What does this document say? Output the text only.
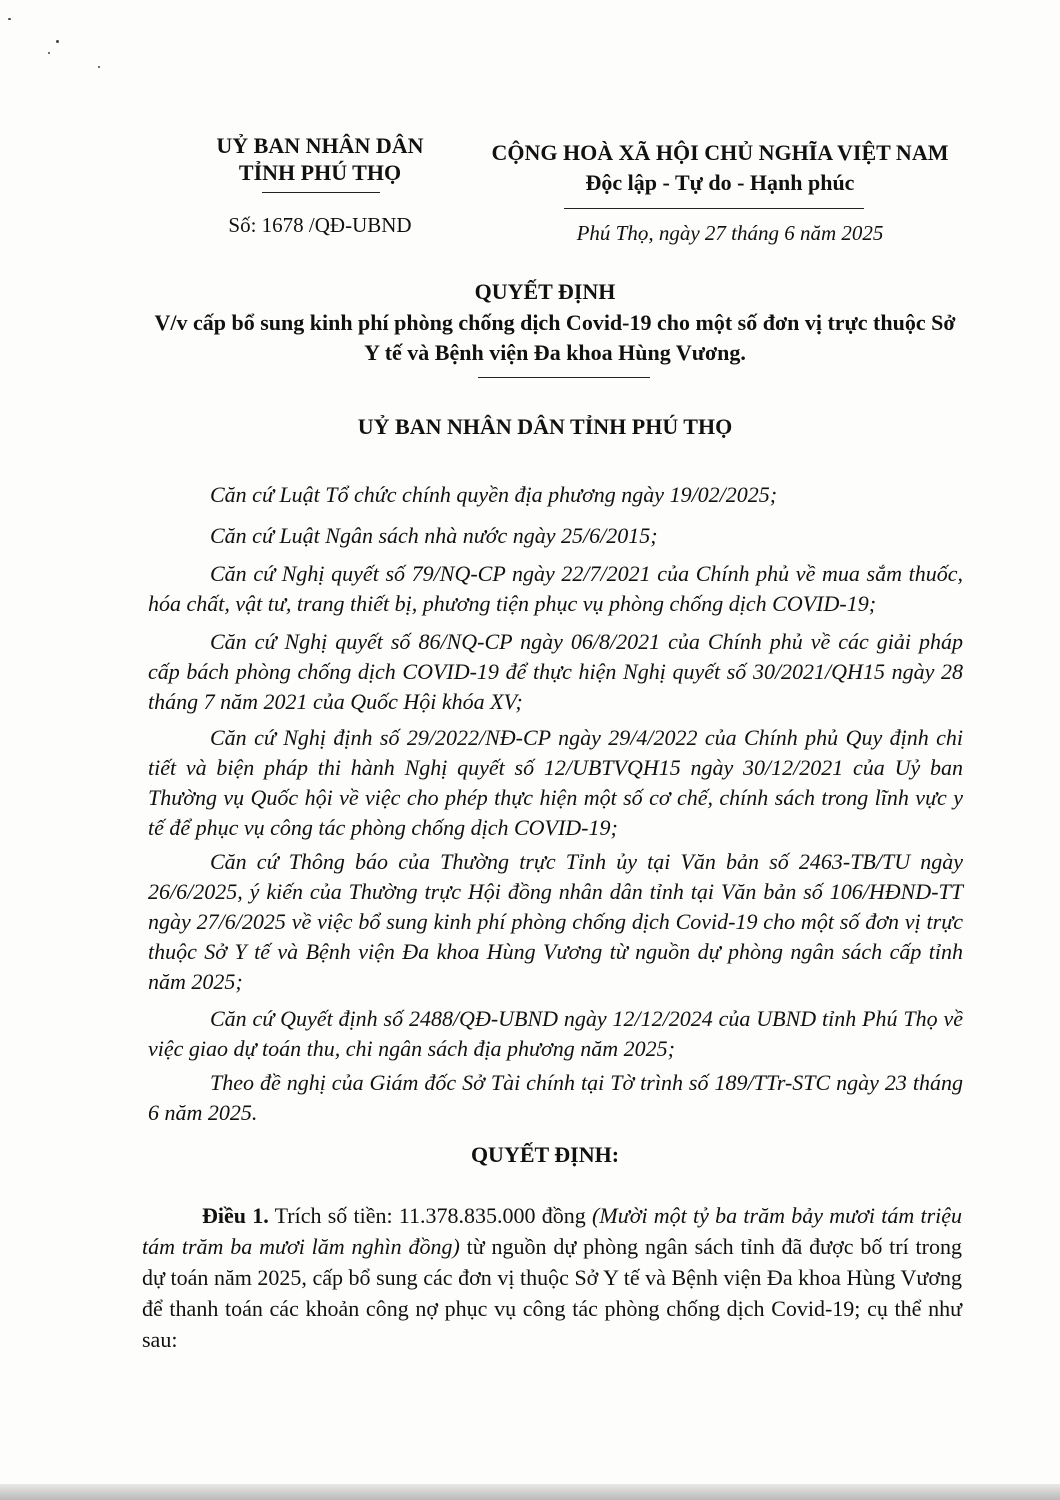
UỶ BAN NHÂN DÂN
TỈNH PHÚ THỌ
CỘNG HOÀ XÃ HỘI CHỦ NGHĨA VIỆT NAM
Độc lập - Tự do - Hạnh phúc
Số: 1678 /QĐ-UBND	Phú Thọ, ngày 27 tháng 6 năm 2025
QUYẾT ĐỊNH
V/v cấp bổ sung kinh phí phòng chống dịch Covid-19 cho một số đơn vị trực thuộc Sở Y tế và Bệnh viện Đa khoa Hùng Vương.
UỶ BAN NHÂN DÂN TỈNH PHÚ THỌ

Căn cứ Luật Tổ chức chính quyền địa phương ngày 19/02/2025;

Căn cứ Luật Ngân sách nhà nước ngày 25/6/2015;

Căn cứ Nghị quyết số 79/NQ-CP ngày 22/7/2021 của Chính phủ về mua sắm thuốc, hóa chất, vật tư, trang thiết bị, phương tiện phục vụ phòng chống dịch COVID-19;

Căn cứ Nghị quyết số 86/NQ-CP ngày 06/8/2021 của Chính phủ về các giải pháp cấp bách phòng chống dịch COVID-19 để thực hiện Nghị quyết số 30/2021/QH15 ngày 28 tháng 7 năm 2021 của Quốc Hội khóa XV;

Căn cứ Nghị định số 29/2022/NĐ-CP ngày 29/4/2022 của Chính phủ Quy định chi tiết và biện pháp thi hành Nghị quyết số 12/UBTVQH15 ngày 30/12/2021 của Uỷ ban Thường vụ Quốc hội về việc cho phép thực hiện một số cơ chế, chính sách trong lĩnh vực y tế để phục vụ công tác phòng chống dịch COVID-19;

Căn cứ Thông báo của Thường trực Tỉnh ủy tại Văn bản số 2463-TB/TU ngày 26/6/2025, ý kiến của Thường trực Hội đồng nhân dân tỉnh tại Văn bản số 106/HĐND-TT ngày 27/6/2025 về việc bổ sung kinh phí phòng chống dịch Covid-19 cho một số đơn vị trực thuộc Sở Y tế và Bệnh viện Đa khoa Hùng Vương từ nguồn dự phòng ngân sách cấp tỉnh năm 2025;

Căn cứ Quyết định số 2488/QĐ-UBND ngày 12/12/2024 của UBND tỉnh Phú Thọ về việc giao dự toán thu, chi ngân sách địa phương năm 2025;

Theo đề nghị của Giám đốc Sở Tài chính tại Tờ trình số 189/TTr-STC ngày 23 tháng 6 năm 2025.

QUYẾT ĐỊNH:

Điều 1. Trích số tiền: 11.378.835.000 đồng (Mười một tỷ ba trăm bảy mươi tám triệu tám trăm ba mươi lăm nghìn đồng) từ nguồn dự phòng ngân sách tỉnh đã được bố trí trong dự toán năm 2025, cấp bổ sung các đơn vị thuộc Sở Y tế và Bệnh viện Đa khoa Hùng Vương để thanh toán các khoản công nợ phục vụ công tác phòng chống dịch Covid-19; cụ thể như sau:
